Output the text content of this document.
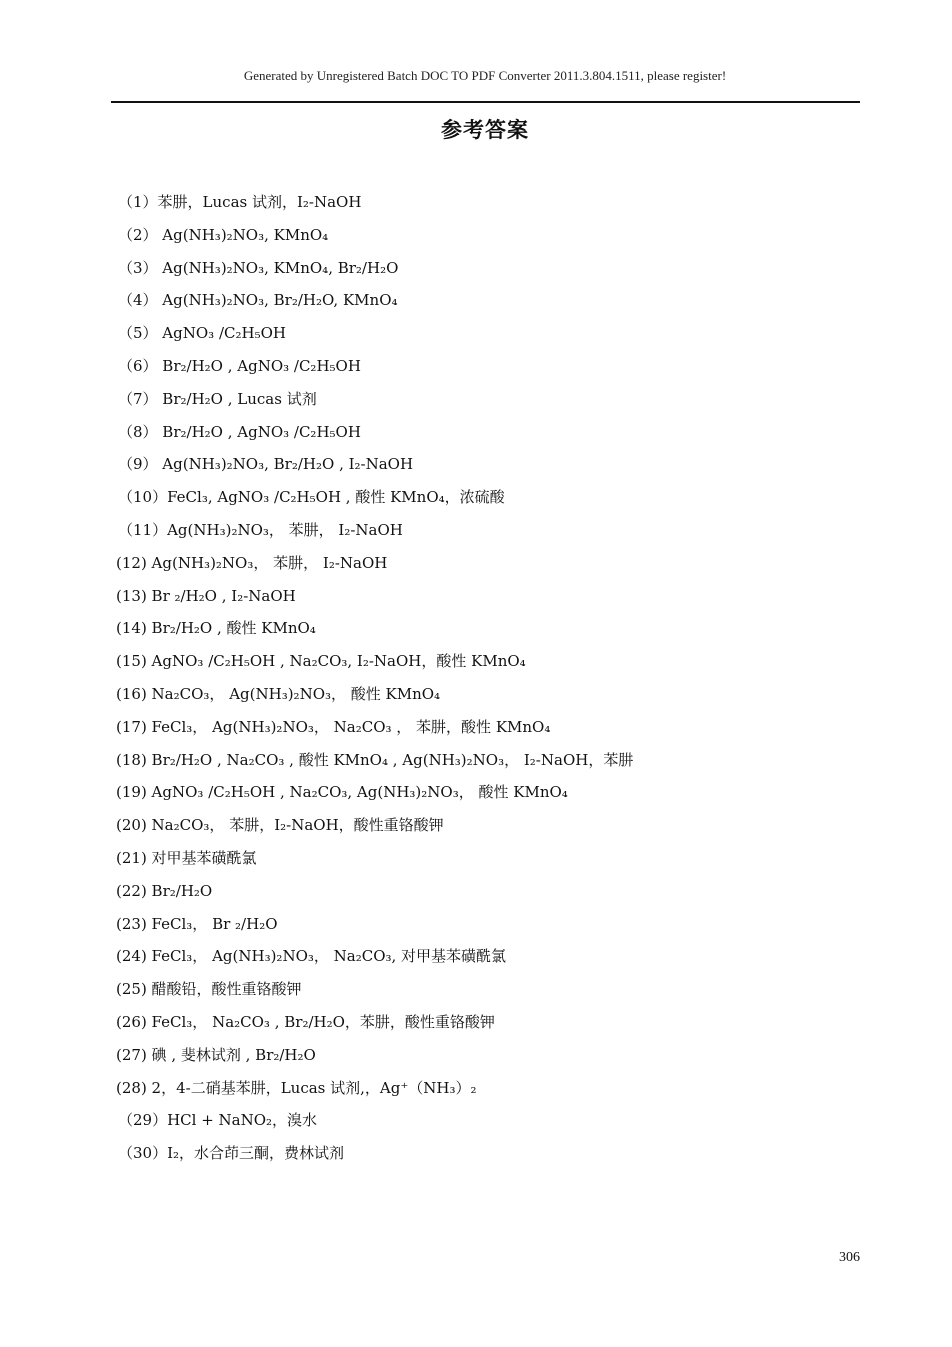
Generated by Unregistered Batch DOC TO PDF Converter 2011.3.804.1511, please register!
参考答案
（1）苯肼，Lucas 试剂，I₂-NaOH
（2） Ag(NH₃)₂NO₃, KMnO₄
（3） Ag(NH₃)₂NO₃, KMnO₄, Br₂/H₂O
（4） Ag(NH₃)₂NO₃, Br₂/H₂O, KMnO₄
（5） AgNO₃ /C₂H₅OH
（6） Br₂/H₂O , AgNO₃ /C₂H₅OH
（7） Br₂/H₂O , Lucas 试剂
（8） Br₂/H₂O , AgNO₃ /C₂H₅OH
（9） Ag(NH₃)₂NO₃, Br₂/H₂O , I₂-NaOH
（10）FeCl₃, AgNO₃ /C₂H₅OH , 酸性 KMnO₄，浓硫酸
（11）Ag(NH₃)₂NO₃， 苯肼， I₂-NaOH
(12) Ag(NH₃)₂NO₃， 苯肼， I₂-NaOH
(13) Br ₂/H₂O , I₂-NaOH
(14) Br₂/H₂O , 酸性 KMnO₄
(15) AgNO₃ /C₂H₅OH , Na₂CO₃, I₂-NaOH，酸性 KMnO₄
(16) Na₂CO₃， Ag(NH₃)₂NO₃， 酸性 KMnO₄
(17) FeCl₃， Ag(NH₃)₂NO₃， Na₂CO₃ ， 苯肼，酸性 KMnO₄
(18) Br₂/H₂O , Na₂CO₃ , 酸性 KMnO₄ , Ag(NH₃)₂NO₃， I₂-NaOH，苯肼
(19) AgNO₃ /C₂H₅OH , Na₂CO₃, Ag(NH₃)₂NO₃， 酸性 KMnO₄
(20) Na₂CO₃， 苯肼，I₂-NaOH，酸性重铬酸钾
(21) 对甲基苯磺酰氯
(22) Br₂/H₂O
(23) FeCl₃， Br ₂/H₂O
(24) FeCl₃， Ag(NH₃)₂NO₃， Na₂CO₃, 对甲基苯磺酰氯
(25) 醋酸铅，酸性重铬酸钾
(26) FeCl₃， Na₂CO₃ , Br₂/H₂O，苯肼，酸性重铬酸钾
(27) 碘 , 斐林试剂 , Br₂/H₂O
(28) 2，4-二硝基苯肼，Lucas 试剂,，Ag⁺（NH₃）₂
（29）HCl + NaNO₂，溴水
（30）I₂，水合茚三酮，费林试剂
306
